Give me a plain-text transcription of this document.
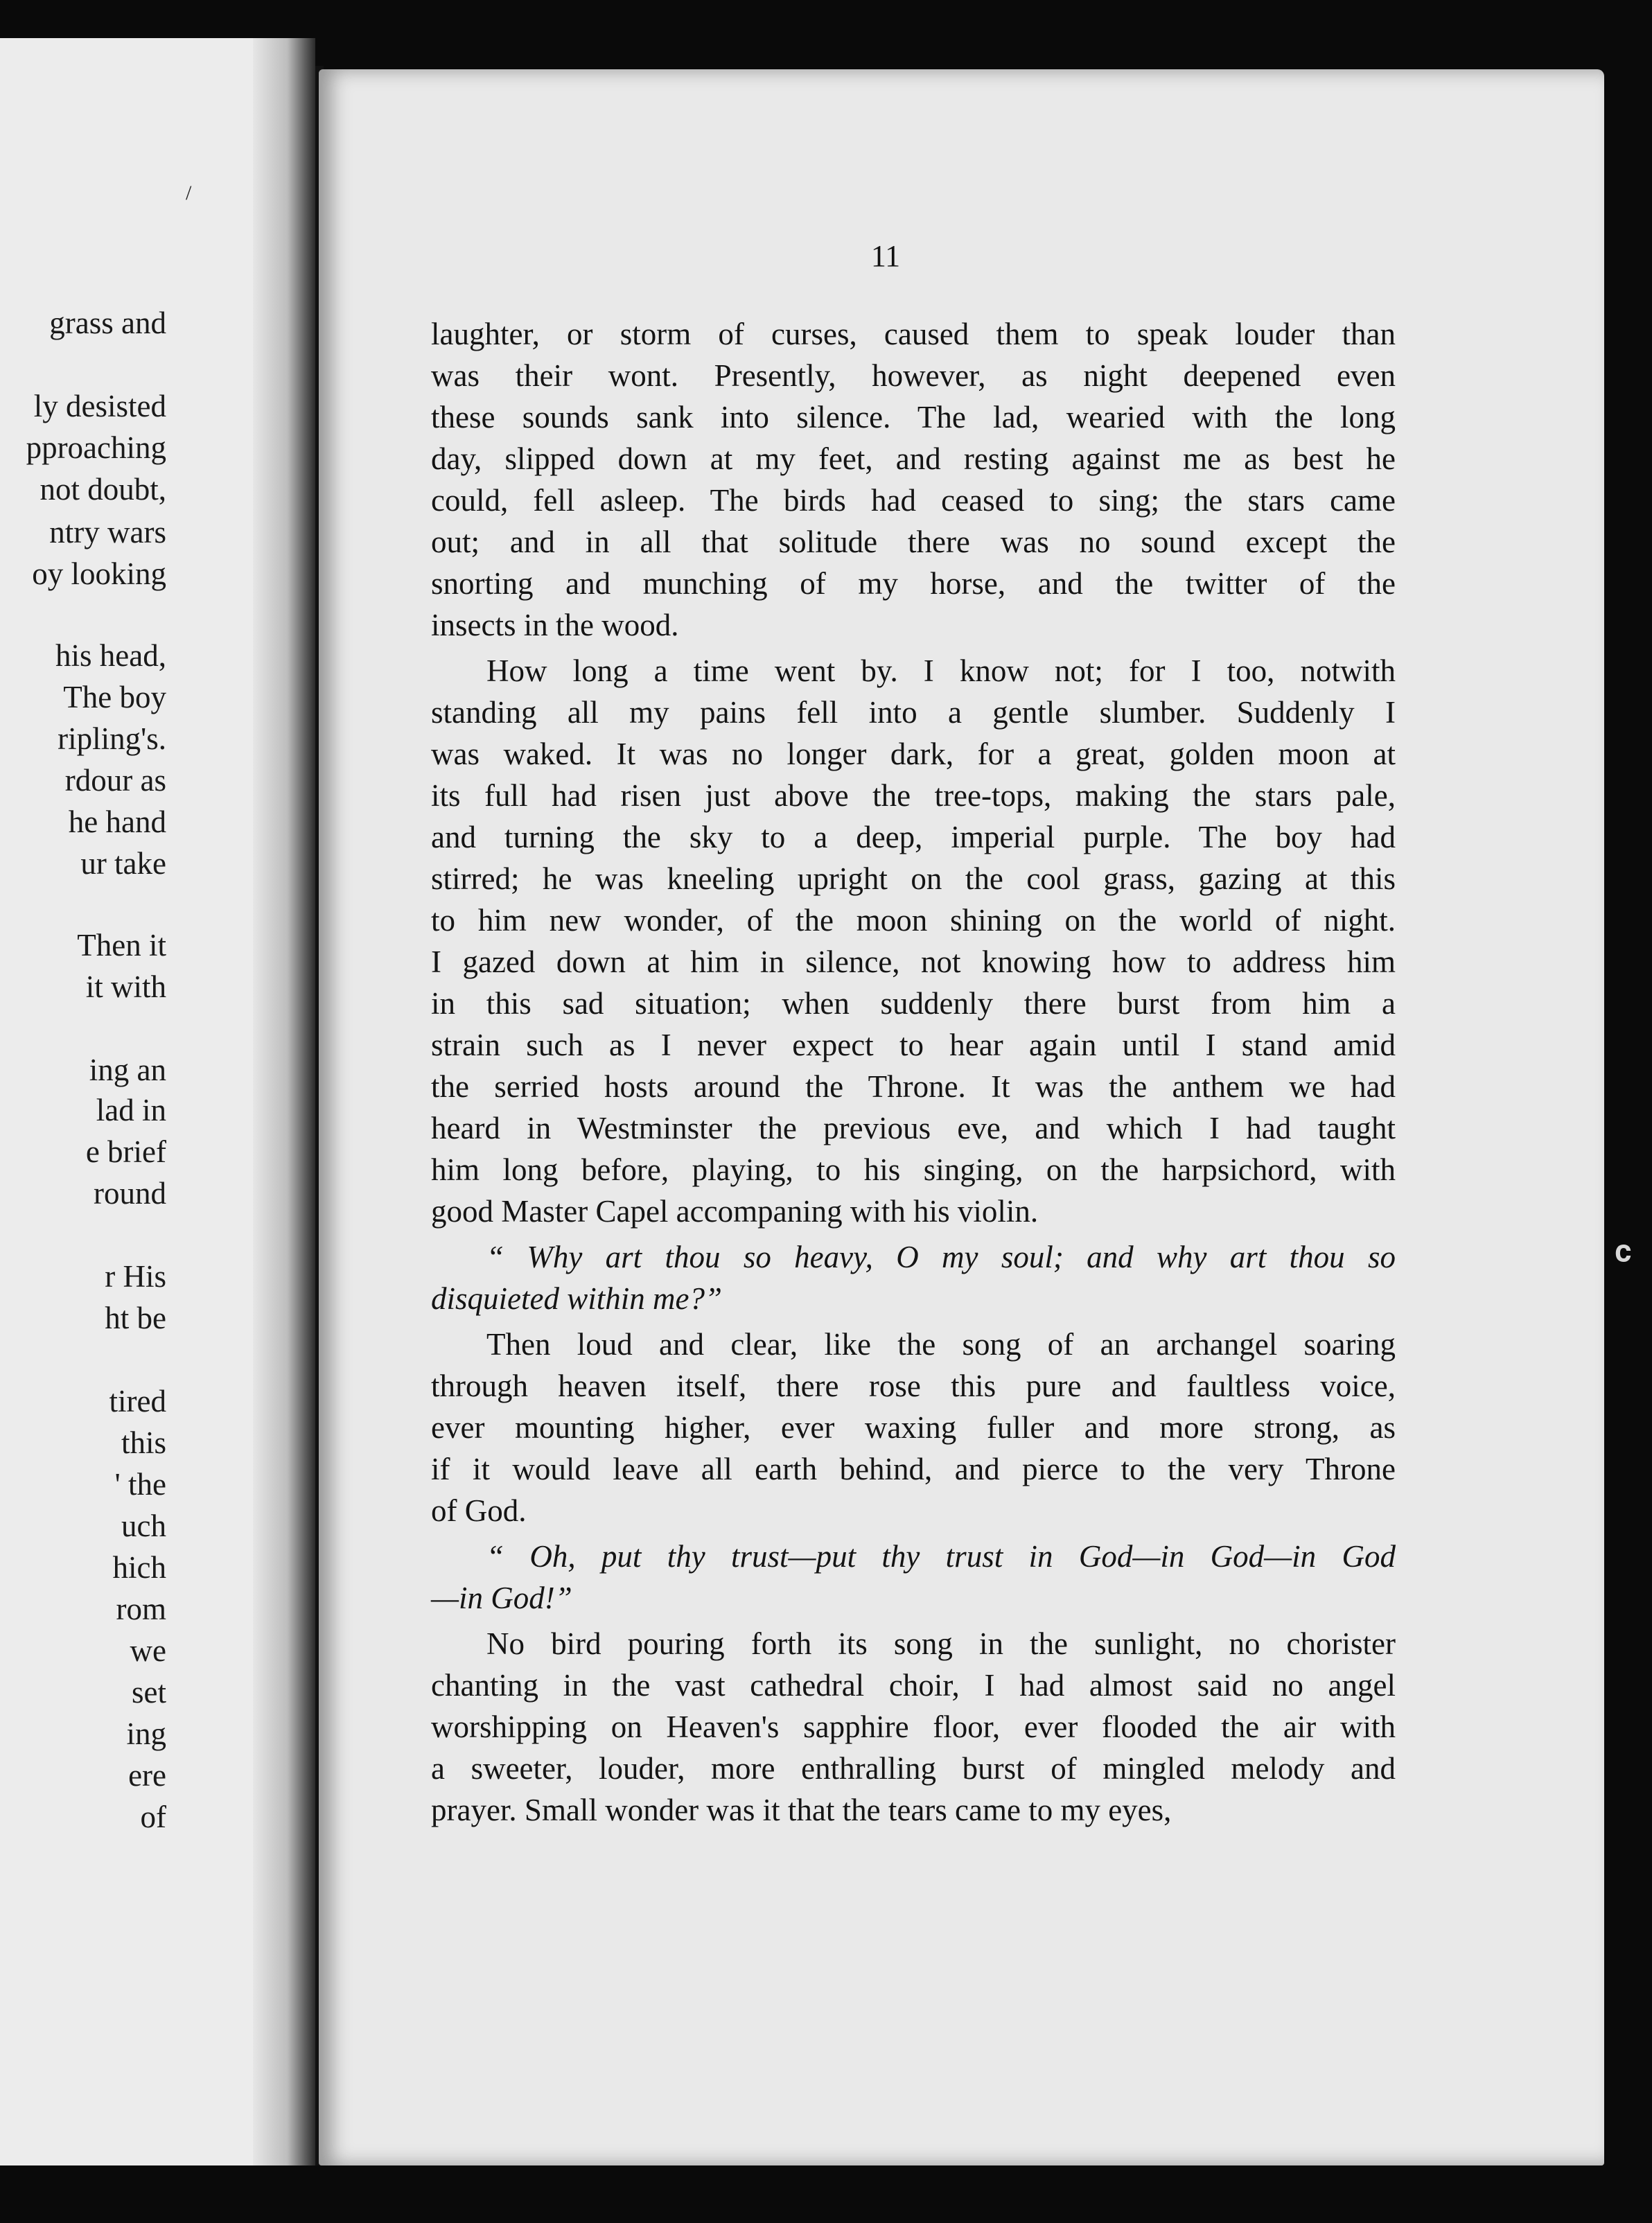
grass and
ly desisted
pproaching
not doubt,
ntry wars
oy looking
his head,
The boy
ripling's.
rdour as
he hand
ur take
Then it
it with
ing an
lad in
e brief
round
r His
ht be
tired
this
' the
uch
hich
rom
we
set
ing
ere
of
11
laughter, or storm of curses, caused them to speak louder than
was their wont. Presently, however, as night deepened even
these sounds sank into silence. The lad, wearied with the long
day, slipped down at my feet, and resting against me as best he
could, fell asleep. The birds had ceased to sing; the stars came
out; and in all that solitude there was no sound except the
snorting and munching of my horse, and the twitter of the
insects in the wood.
How long a time went by. I know not; for I too, notwith
standing all my pains fell into a gentle slumber. Suddenly I
was waked. It was no longer dark, for a great, golden moon at
its full had risen just above the tree-tops, making the stars pale,
and turning the sky to a deep, imperial purple. The boy had
stirred; he was kneeling upright on the cool grass, gazing at this
to him new wonder, of the moon shining on the world of night.
I gazed down at him in silence, not knowing how to address him
in this sad situation; when suddenly there burst from him a
strain such as I never expect to hear again until I stand amid
the serried hosts around the Throne. It was the anthem we had
heard in Westminster the previous eve, and which I had taught
him long before, playing, to his singing, on the harpsichord, with
good Master Capel accompaning with his violin.
“ Why art thou so heavy, O my soul; and why art thou so
disquieted within me?”
Then loud and clear, like the song of an archangel soaring
through heaven itself, there rose this pure and faultless voice,
ever mounting higher, ever waxing fuller and more strong, as
if it would leave all earth behind, and pierce to the very Throne
of God.
“ Oh, put thy trust—put thy trust in God—in God—in God
—in God!”
No bird pouring forth its song in the sunlight, no chorister
chanting in the vast cathedral choir, I had almost said no angel
worshipping on Heaven's sapphire floor, ever flooded the air with
a sweeter, louder, more enthralling burst of mingled melody and
prayer. Small wonder was it that the tears came to my eyes,
/
𝐜
